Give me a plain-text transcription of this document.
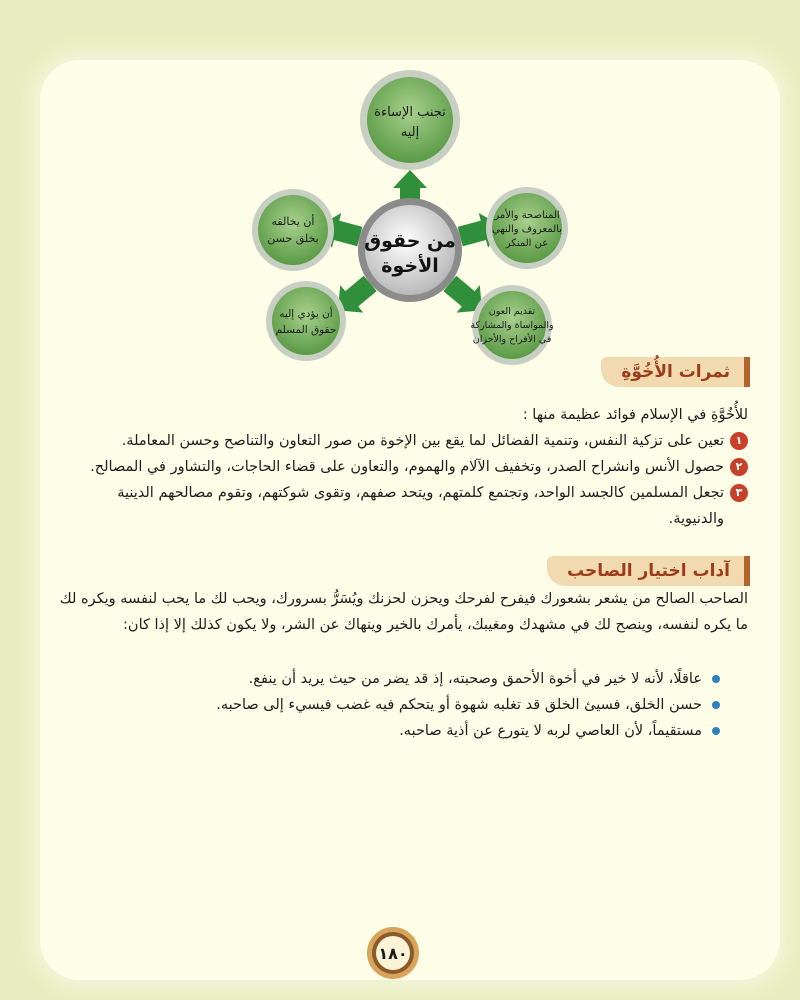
من حقوق
الأخوة
تجنب الإساءة
إليه
المناصحة والأمر
بالمعروف والنهي
عن المنكر
تقديم العون
والمواساة والمشاركة
في الأفراح والأحزان
أن يؤدي إليه
حقوق المسلم
أن يخالقه
بخلق حسن
ثمرات الأُخُوَّةِ
للأُخُوَّةِ في الإسلام فوائد عظيمة منها :
١
تعين على تزكية النفس، وتنمية الفضائل لما يقع بين الإخوة من صور التعاون والتناصح وحسن المعاملة.
٢
حصول الأنس وانشراح الصدر، وتخفيف الآلام والهموم، والتعاون على قضاء الحاجات، والتشاور في المصالح.
٣
تجعل المسلمين كالجسد الواحد، وتجتمع كلمتهم، ويتحد صفهم، وتقوى شوكتهم، وتقوم مصالحهم الدينية والدنيوية.
آداب اختيار الصاحب
الصاحب الصالح من يشعر بشعورك فيفرح لفرحك ويحزن لحزنك ويُسَرُّ بسرورك، ويحب لك ما يحب لنفسه ويكره لك ما يكره لنفسه، وينصح لك في مشهدك ومغيبك، يأمرك بالخير وينهاك عن الشر، ولا يكون كذلك إلا إذا كان:
عاقلًا، لأنه لا خير في أخوة الأحمق وصحبته، إذ قد يضر من حيث يريد أن ينفع.
حسن الخلق، فسيئ الخلق قد تغلبه شهوة أو يتحكم فيه غضب فيسيء إلى صاحبه.
مستقيماً، لأن العاصي لربه لا يتورع عن أذية صاحبه.
١٨٠
